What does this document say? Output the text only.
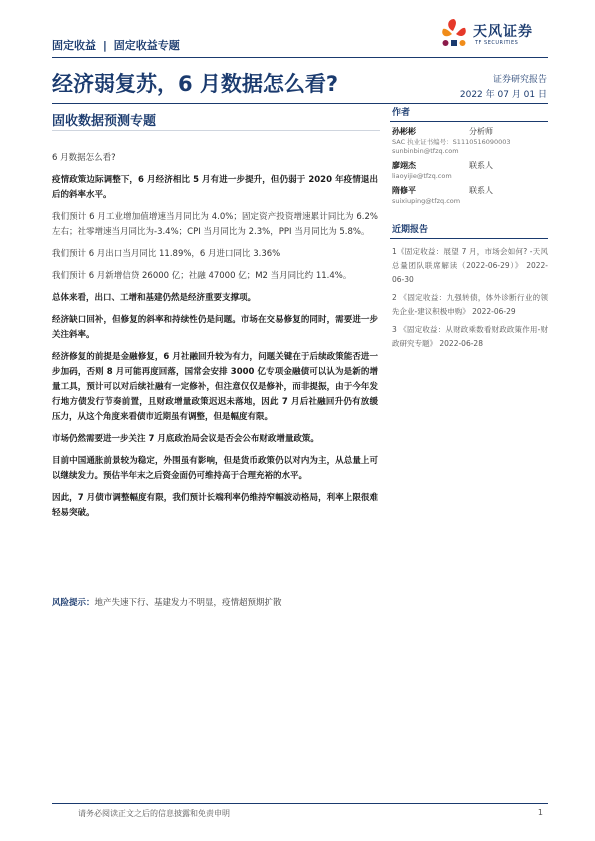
固定收益 | 固定收益专题
天风证券
TF SECURITIES
经济弱复苏，6 月数据怎么看?	证券研究报告
2022 年 07 月 01 日
固收数据预测专题

6 月数据怎么看?

疫情政策边际调整下，6 月经济相比 5 月有进一步提升，但仍弱于 2020 年疫情退出后的斜率水平。

我们预计 6 月工业增加值增速当月同比为 4.0%；固定资产投资增速累计同比为 6.2%左右；社零增速当月同比为-3.4%；CPI 当月同比为 2.3%，PPI 当月同比为 5.8%。

我们预计 6 月出口当月同比 11.89%，6 月进口同比 3.36%

我们预计 6 月新增信贷 26000 亿；社融 47000 亿；M2 当月同比约 11.4%。

总体来看，出口、工增和基建仍然是经济重要支撑项。

经济缺口回补，但修复的斜率和持续性仍是问题。市场在交易修复的同时，需要进一步关注斜率。

经济修复的前提是金融修复，6 月社融回升较为有力，问题关键在于后续政策能否进一步加码，否则 8 月可能再度回落，国常会安排 3000 亿专项金融债可以认为是新的增量工具，预计可以对后续社融有一定修补，但注意仅仅是修补，而非提振，由于今年发行地方债发行节奏前置，且财政增量政策迟迟未落地，因此 7 月后社融回升仍有放缓压力，从这个角度来看债市近期虽有调整，但是幅度有限。

市场仍然需要进一步关注 7 月底政治局会议是否会公布财政增量政策。

目前中国通胀前景较为稳定，外围虽有影响，但是货币政策仍以对内为主，从总量上可以继续发力。预估半年末之后资金面仍可维持高于合理充裕的水平。

因此，7 月债市调整幅度有限，我们预计长端利率仍维持窄幅波动格局，利率上限很难轻易突破。

风险提示：地产失速下行、基建发力不明显，疫情超预期扩散
作者
孙彬彬	分析师
SAC 执业证书编号：S1110516090003
sunbinbin@tfzq.com
廖翊杰	联系人
liaoyijie@tfzq.com
隋修平	联系人
suixiuping@tfzq.com
近期报告
1《固定收益：展望 7 月，市场会如何? -天风总量团队联席解读（2022-06-29）》 2022-06-30
2 《固定收益：九强转债，体外诊断行业的领先企业-建议积极申购》 2022-06-29
3 《固定收益：从财政乘数看财政政策作用-财政研究专题》 2022-06-28
请务必阅读正文之后的信息披露和免责申明	1
